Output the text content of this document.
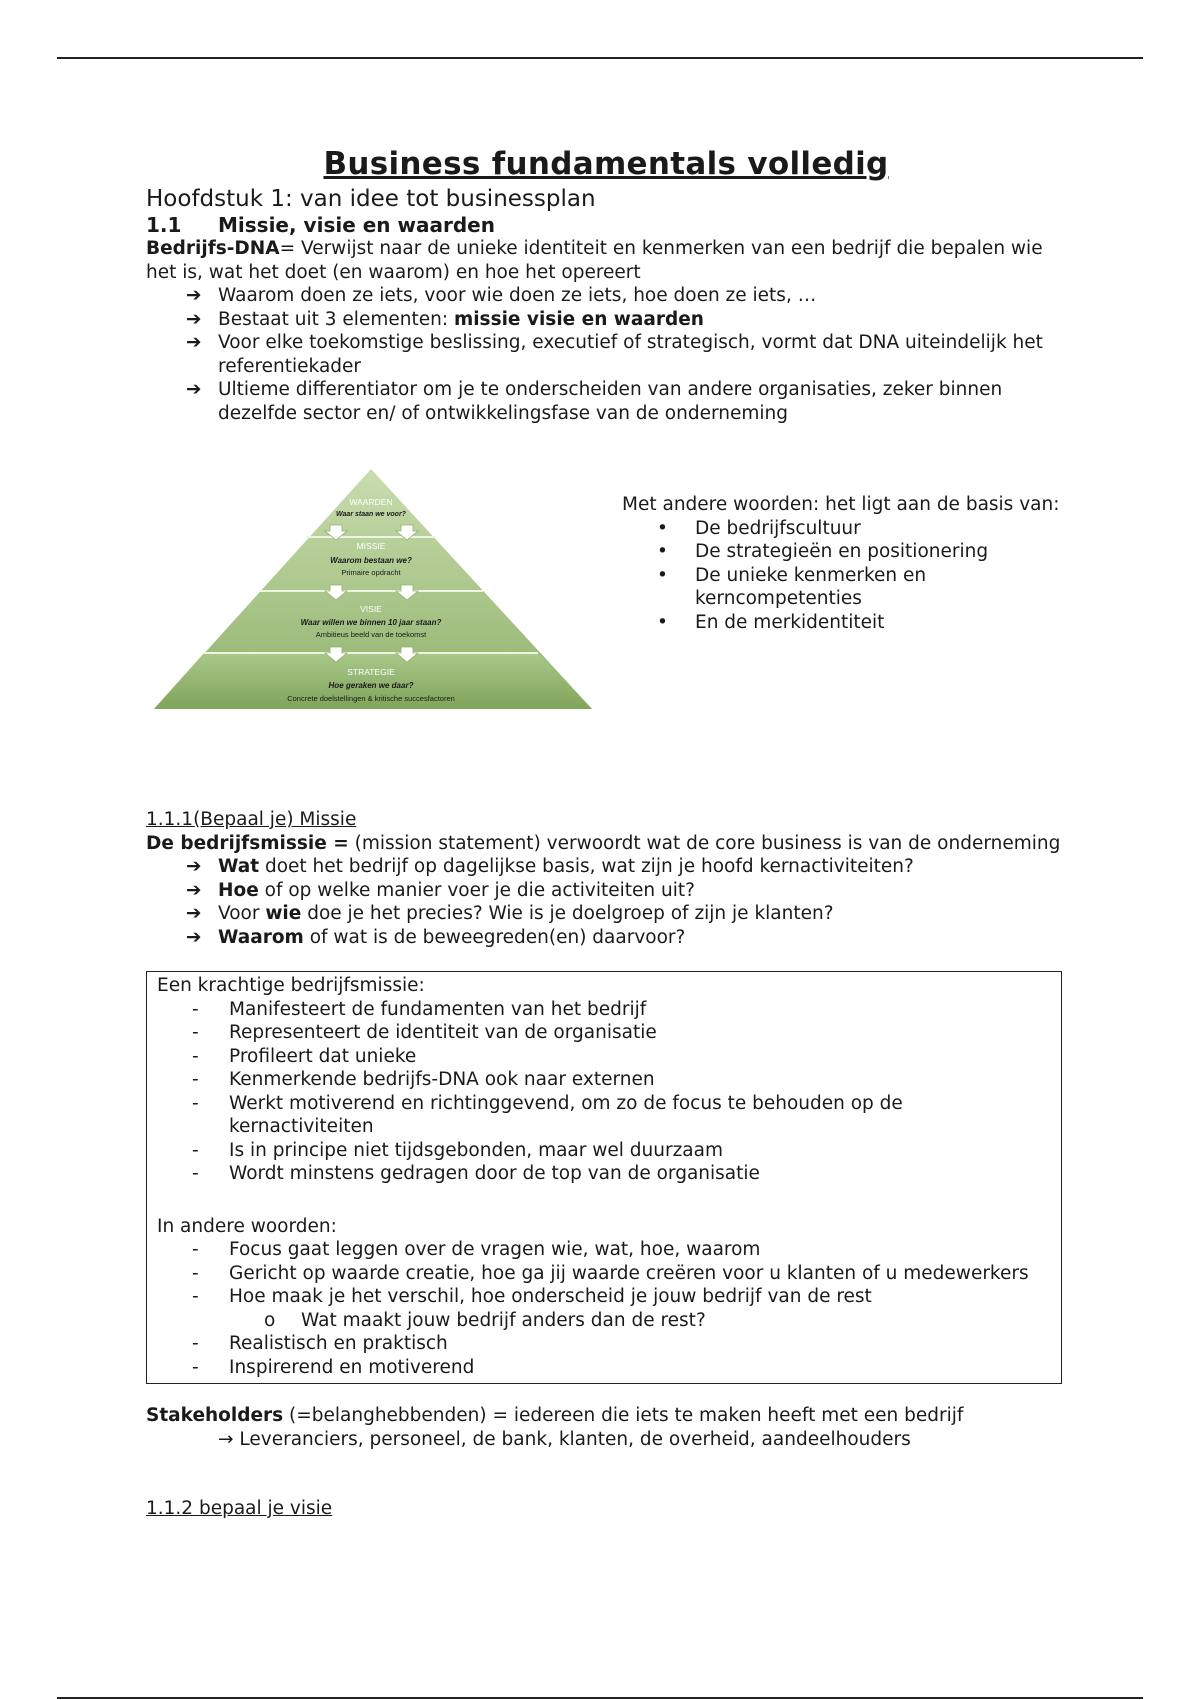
Business fundamentals volledig

Hoofdstuk 1: van idee tot businessplan

1.1 Missie, visie en waarden

Bedrijfs-DNA= Verwijst naar de unieke identiteit en kenmerken van een bedrijf die bepalen wie het is, wat het doet (en waarom) en hoe het opereert

➔ Waarom doen ze iets, voor wie doen ze iets, hoe doen ze iets, …
➔ Bestaat uit 3 elementen: missie visie en waarden
➔ Voor elke toekomstige beslissing, executief of strategisch, vormt dat DNA uiteindelijk het referentiekader
➔ Ultieme differentiator om je te onderscheiden van andere organisaties, zeker binnen dezelfde sector en/ of ontwikkelingsfase van de onderneming
WAARDEN
Waar staan we voor?
MISSIE
Waarom bestaan we?
Primaire opdracht
VISIE
Waar willen we binnen 10 jaar staan?
Ambitieus beeld van de toekomst
STRATEGIE
Hoe geraken we daar?
Concrete doelstellingen & kritische succesfactoren

Met andere woorden: het ligt aan de basis van:

• De bedrijfscultuur
• De strategieën en positionering
• De unieke kenmerken en kerncompetenties
• En de merkidentiteit

1.1.1(Bepaal je) Missie

De bedrijfsmissie = (mission statement) verwoordt wat de core business is van de onderneming

➔ Wat doet het bedrijf op dagelijkse basis, wat zijn je hoofd kernactiviteiten?
➔ Hoe of op welke manier voer je die activiteiten uit?
➔ Voor wie doe je het precies? Wie is je doelgroep of zijn je klanten?
➔ Waarom of wat is de beweegreden(en) daarvoor?

Een krachtige bedrijfsmissie:

- Manifesteert de fundamenten van het bedrijf
- Representeert de identiteit van de organisatie
- Profileert dat unieke
- Kenmerkende bedrijfs-DNA ook naar externen
- Werkt motiverend en richtinggevend, om zo de focus te behouden op de kernactiviteiten
- Is in principe niet tijdsgebonden, maar wel duurzaam
- Wordt minstens gedragen door de top van de organisatie

In andere woorden:

- Focus gaat leggen over de vragen wie, wat, hoe, waarom
- Gericht op waarde creatie, hoe ga jij waarde creëren voor u klanten of u medewerkers
- Hoe maak je het verschil, hoe onderscheid je jouw bedrijf van de rest
o Wat maakt jouw bedrijf anders dan de rest?
- Realistisch en praktisch
- Inspirerend en motiverend

Stakeholders (=belanghebbenden) = iedereen die iets te maken heeft met een bedrijf

→ Leveranciers, personeel, de bank, klanten, de overheid, aandeelhouders

1.1.2 bepaal je visie
